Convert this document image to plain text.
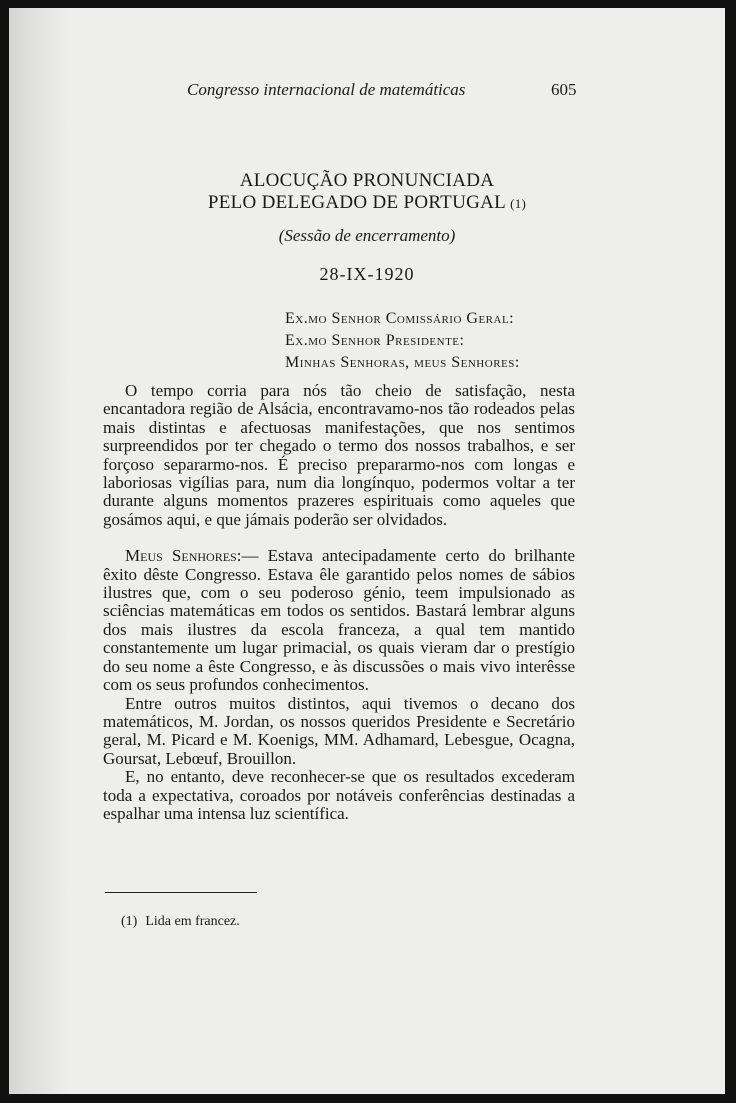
Congresso internacional de matemáticas	605
ALOCUÇÃO PRONUNCIADA
PELO DELEGADO DE PORTUGAL (1)
(Sessão de encerramento)
28-IX-1920
Ex.mo Senhor Comissário Geral:
Ex.mo Senhor Presidente:
Minhas Senhoras, meus Senhores:

O tempo corria para nós tão cheio de satisfação, nesta encantadora região de Alsácia, encontravamo-nos tão rodeados pelas mais distintas e afectuosas manifestações, que nos sentimos surpreendidos por ter chegado o termo dos nossos trabalhos, e ser forçoso separarmo-nos. É preciso prepararmo-nos com longas e laboriosas vigílias para, num dia longínquo, podermos voltar a ter durante alguns momentos prazeres espirituais como aqueles que gosámos aqui, e que jámais poderão ser olvidados.

Meus Senhores:— Estava antecipadamente certo do brilhante êxito dêste Congresso. Estava êle garantido pelos nomes de sábios ilustres que, com o seu poderoso génio, teem impulsionado as sciências matemáticas em todos os sentidos. Bastará lembrar alguns dos mais ilustres da escola franceza, a qual tem mantido constantemente um lugar primacial, os quais vieram dar o prestígio do seu nome a êste Congresso, e às discussões o mais vivo interêsse com os seus profundos conhecimentos.

Entre outros muitos distintos, aqui tivemos o decano dos matemáticos, M. Jordan, os nossos queridos Presidente e Secretário geral, M. Picard e M. Koenigs, MM. Adhamard, Lebesgue, Ocagna, Goursat, Lebœuf, Brouillon.

E, no entanto, deve reconhecer-se que os resultados excederam toda a expectativa, coroados por notáveis conferências destinadas a espalhar uma intensa luz scientífica.

(1) Lida em francez.
